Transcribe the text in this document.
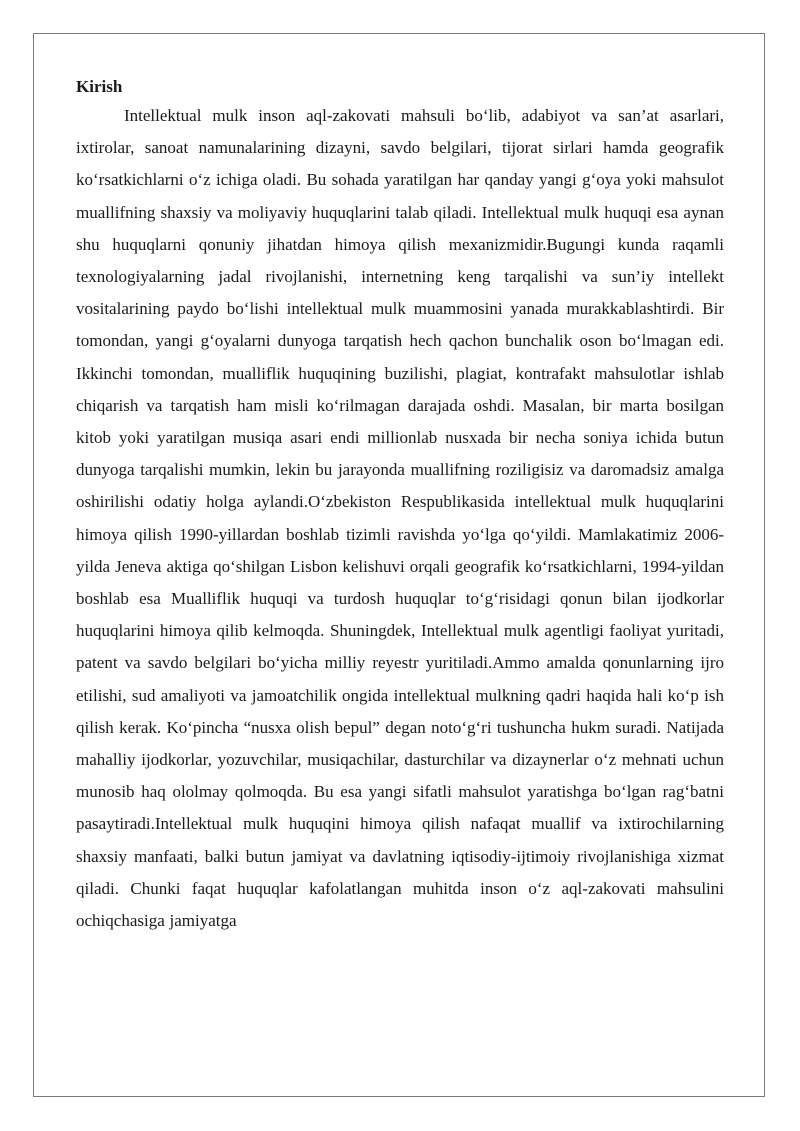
Kirish

Intellektual mulk inson aql-zakovati mahsuli bo‘lib, adabiyot va san’at asarlari, ixtirolar, sanoat namunalarining dizayni, savdo belgilari, tijorat sirlari hamda geografik ko‘rsatkichlarni o‘z ichiga oladi. Bu sohada yaratilgan har qanday yangi g‘oya yoki mahsulot muallifning shaxsiy va moliyaviy huquqlarini talab qiladi. Intellektual mulk huquqi esa aynan shu huquqlarni qonuniy jihatdan himoya qilish mexanizmidir.Bugungi kunda raqamli texnologiyalarning jadal rivojlanishi, internetning keng tarqalishi va sun’iy intellekt vositalarining paydo bo‘lishi intellektual mulk muammosini yanada murakkablashtirdi. Bir tomondan, yangi g‘oyalarni dunyoga tarqatish hech qachon bunchalik oson bo‘lmagan edi. Ikkinchi tomondan, mualliflik huquqining buzilishi, plagiat, kontrafakt mahsulotlar ishlab chiqarish va tarqatish ham misli ko‘rilmagan darajada oshdi. Masalan, bir marta bosilgan kitob yoki yaratilgan musiqa asari endi millionlab nusxada bir necha soniya ichida butun dunyoga tarqalishi mumkin, lekin bu jarayonda muallifning roziligisiz va daromadsiz amalga oshirilishi odatiy holga aylandi.O‘zbekiston Respublikasida intellektual mulk huquqlarini himoya qilish 1990-yillardan boshlab tizimli ravishda yo‘lga qo‘yildi. Mamlakatimiz 2006-yilda Jeneva aktiga qo‘shilgan Lisbon kelishuvi orqali geografik ko‘rsatkichlarni, 1994-yildan boshlab esa Mualliflik huquqi va turdosh huquqlar to‘g‘risidagi qonun bilan ijodkorlar huquqlarini himoya qilib kelmoqda. Shuningdek, Intellektual mulk agentligi faoliyat yuritadi, patent va savdo belgilari bo‘yicha milliy reyestr yuritiladi.Ammo amalda qonunlarning ijro etilishi, sud amaliyoti va jamoatchilik ongida intellektual mulkning qadri haqida hali ko‘p ish qilish kerak. Ko‘pincha “nusxa olish bepul” degan noto‘g‘ri tushuncha hukm suradi. Natijada mahalliy ijodkorlar, yozuvchilar, musiqachilar, dasturchilar va dizaynerlar o‘z mehnati uchun munosib haq ololmay qolmoqda. Bu esa yangi sifatli mahsulot yaratishga bo‘lgan rag‘batni pasaytiradi.Intellektual mulk huquqini himoya qilish nafaqat muallif va ixtirochilarning shaxsiy manfaati, balki butun jamiyat va davlatning iqtisodiy-ijtimoiy rivojlanishiga xizmat qiladi. Chunki faqat huquqlar kafolatlangan muhitda inson o‘z aql-zakovati mahsulini ochiqchasiga jamiyatga
